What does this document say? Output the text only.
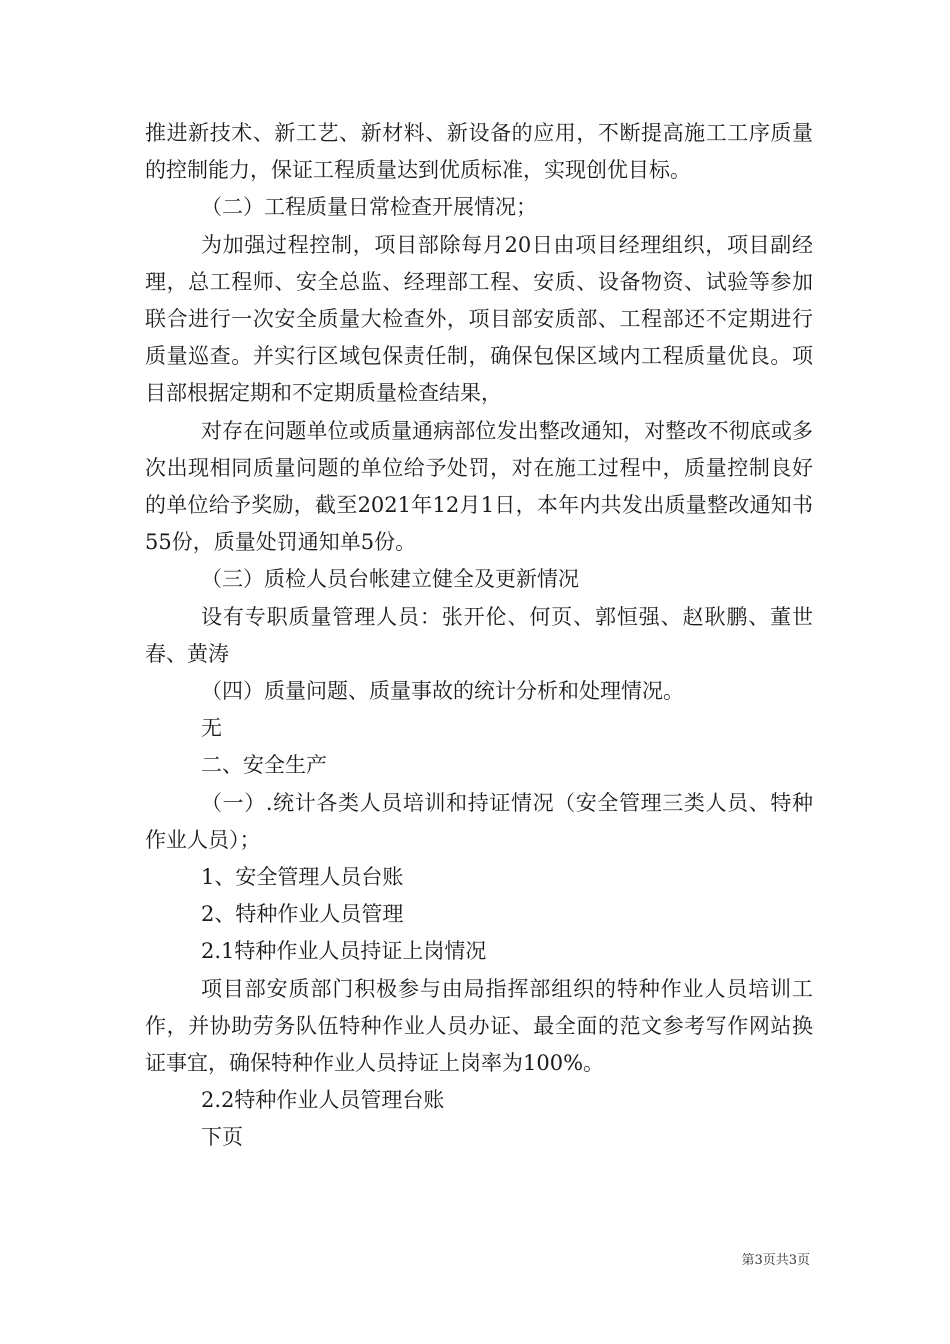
推进新技术、新工艺、新材料、新设备的应用，不断提高施工工序质量的控制能力，保证工程质量达到优质标准，实现创优目标。

（二）工程质量日常检查开展情况；

为加强过程控制，项目部除每月20日由项目经理组织，项目副经理，总工程师、安全总监、经理部工程、安质、设备物资、试验等参加联合进行一次安全质量大检查外，项目部安质部、工程部还不定期进行质量巡查。并实行区域包保责任制，确保包保区域内工程质量优良。项目部根据定期和不定期质量检查结果，

对存在问题单位或质量通病部位发出整改通知，对整改不彻底或多次出现相同质量问题的单位给予处罚，对在施工过程中，质量控制良好的单位给予奖励，截至2021年12月1日，本年内共发出质量整改通知书55份，质量处罚通知单5份。

（三）质检人员台帐建立健全及更新情况

设有专职质量管理人员：张开伦、何页、郭恒强、赵耿鹏、董世春、黄涛

（四）质量问题、质量事故的统计分析和处理情况。

无

二、安全生产

（一）.统计各类人员培训和持证情况（安全管理三类人员、特种作业人员）；

1、安全管理人员台账

2、特种作业人员管理

2.1特种作业人员持证上岗情况

项目部安质部门积极参与由局指挥部组织的特种作业人员培训工作，并协助劳务队伍特种作业人员办证、最全面的范文参考写作网站换证事宜，确保特种作业人员持证上岗率为100%。

2.2特种作业人员管理台账

下页

第3页共3页
